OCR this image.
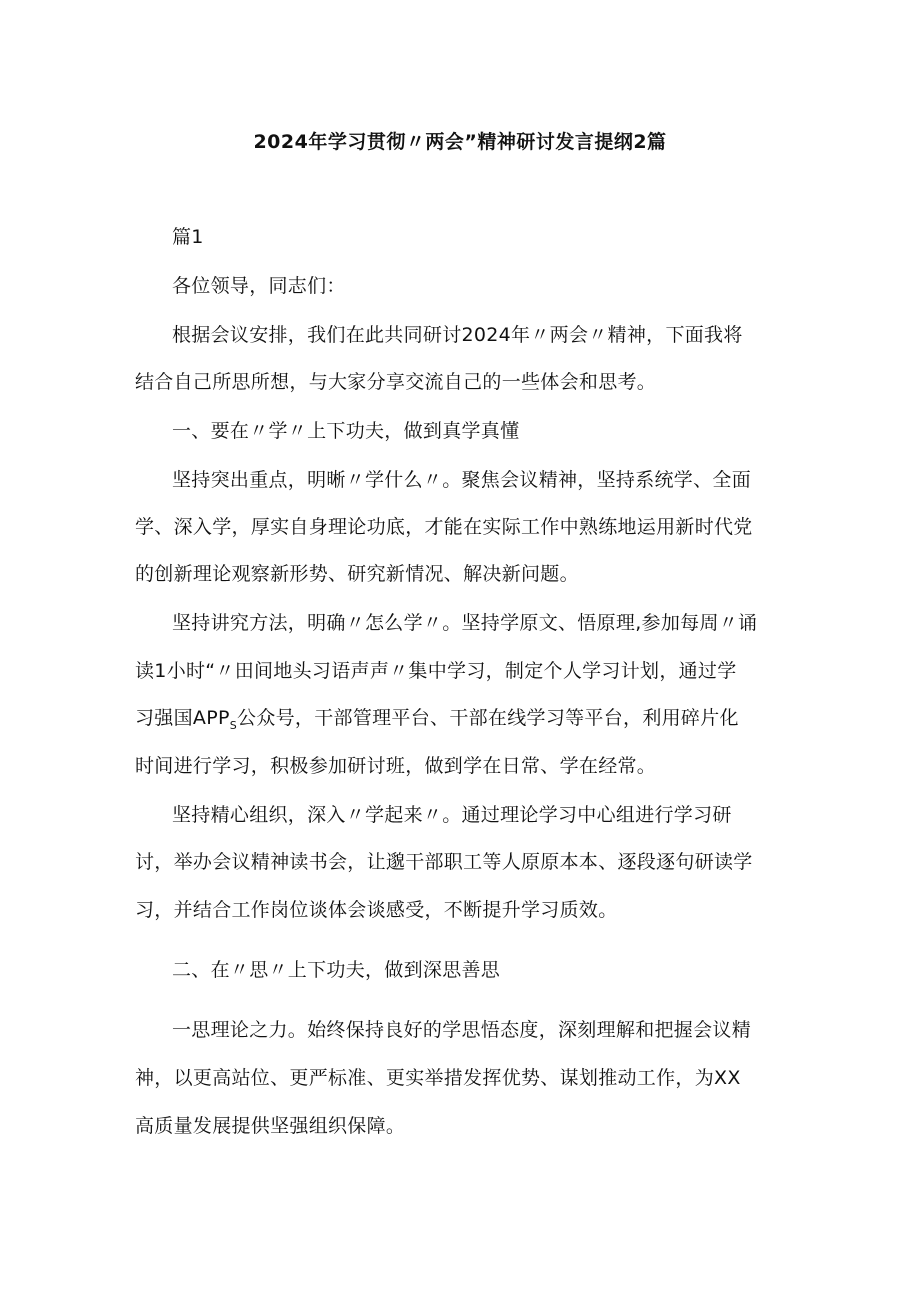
2024年学习贯彻〃两会”精神研讨发言提纲2篇
篇1
各位领导，同志们：
根据会议安排，我们在此共同研讨2024年〃两会〃精神，下面我将
结合自己所思所想，与大家分享交流自己的一些体会和思考。
一、要在〃学〃上下功夫，做到真学真懂
坚持突出重点，明晰〃学什么〃。聚焦会议精神，坚持系统学、全面
学、深入学，厚实自身理论功底，才能在实际工作中熟练地运用新时代党
的创新理论观察新形势、研究新情况、解决新问题。
坚持讲究方法，明确〃怎么学〃。坚持学原文、悟原理,参加每周〃诵
读1小时“〃田间地头习语声声〃集中学习，制定个人学习计划，通过学
习强国$APP_S$公众号，干部管理平台、干部在线学习等平台，利用碎片化
时间进行学习，积极参加研讨班，做到学在日常、学在经常。
坚持精心组织，深入〃学起来〃。通过理论学习中心组进行学习研
讨，举办会议精神读书会，让邈干部职工等人原原本本、逐段逐句研读学
习，并结合工作岗位谈体会谈感受，不断提升学习质效。
二、在〃思〃上下功夫，做到深思善思
一思理论之力。始终保持良好的学思悟态度，深刻理解和把握会议精
神，以更高站位、更严标准、更实举措发挥优势、谋划推动工作，为XX
高质量发展提供坚强组织保障。
